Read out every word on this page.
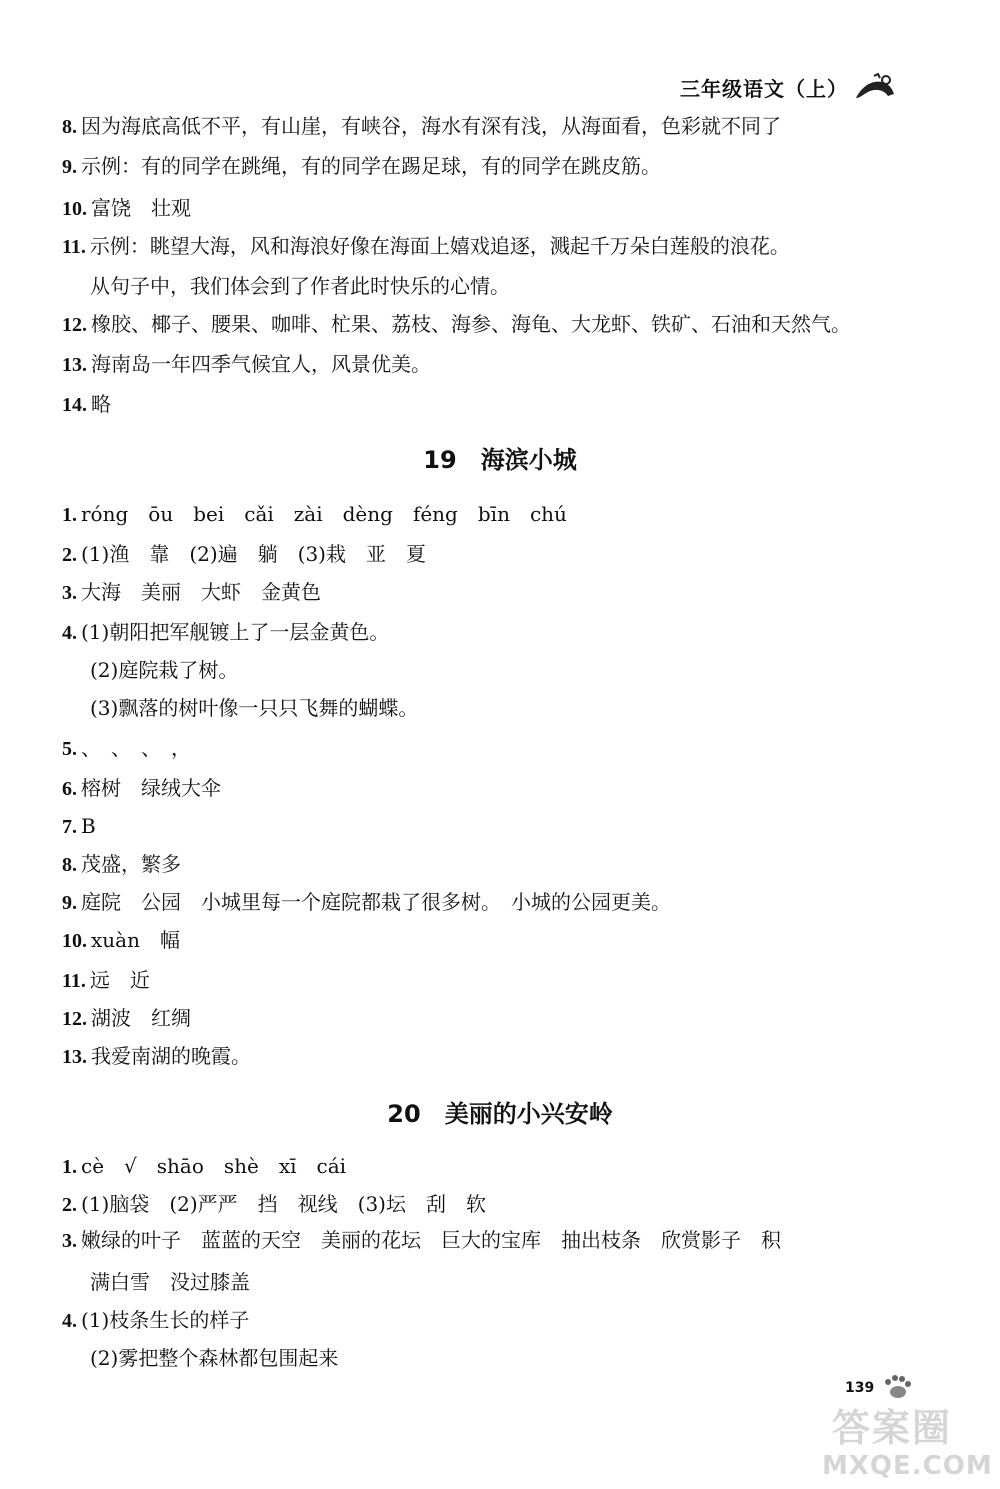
三年级语文（上）
8. 因为海底高低不平，有山崖，有峡谷，海水有深有浅，从海面看，色彩就不同了
9. 示例：有的同学在跳绳，有的同学在踢足球，有的同学在跳皮筋。
10. 富饶　壮观
11. 示例：眺望大海，风和海浪好像在海面上嬉戏追逐，溅起千万朵白莲般的浪花。
从句子中，我们体会到了作者此时快乐的心情。
12. 橡胶、椰子、腰果、咖啡、杧果、荔枝、海参、海龟、大龙虾、铁矿、石油和天然气。
13. 海南岛一年四季气候宜人，风景优美。
14. 略
19　海滨小城
1. róng　ōu　bei　cǎi　zài　dèng　féng　bīn　chú
2. (1)渔　靠　(2)遍　躺　(3)栽　亚　夏
3. 大海　美丽　大虾　金黄色
4. (1)朝阳把军舰镀上了一层金黄色。
(2)庭院栽了树。
(3)飘落的树叶像一只只飞舞的蝴蝶。
5. 、　、　、　，
6. 榕树　绿绒大伞
7. B
8. 茂盛，繁多
9. 庭院　公园　小城里每一个庭院都栽了很多树。　小城的公园更美。
10. xuàn　幅
11. 远　近
12. 湖波　红绸
13. 我爱南湖的晚霞。
20　美丽的小兴安岭
1. cè　√　shāo　shè　xī　cái
2. (1)脑袋　(2)严严　挡　视线　(3)坛　刮　软
3. 嫩绿的叶子　蓝蓝的天空　美丽的花坛　巨大的宝库　抽出枝条　欣赏影子　积
满白雪　没过膝盖
4. (1)枝条生长的样子
(2)雾把整个森林都包围起来
139
答案圈
MXQE.COM
